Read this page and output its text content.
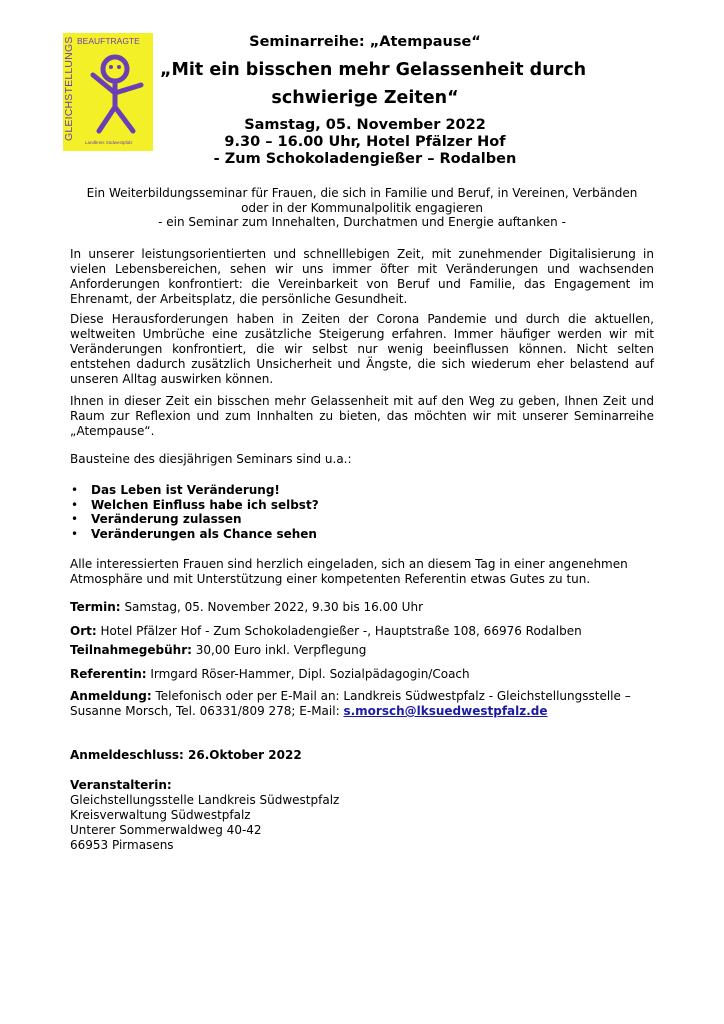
GLEICHSTELLUNGS BEAUFTRAGTE
Landkreis Südwestpfalz
Seminarreihe: „Atempause“
„Mit ein bisschen mehr Gelassenheit durch
schwierige Zeiten“
Samstag, 05. November 2022
9.30 – 16.00 Uhr, Hotel Pfälzer Hof
- Zum Schokoladengießer – Rodalben
Ein Weiterbildungsseminar für Frauen, die sich in Familie und Beruf, in Vereinen, Verbänden
oder in der Kommunalpolitik engagieren
- ein Seminar zum Innehalten, Durchatmen und Energie auftanken -

In unserer leistungsorientierten und schnelllebigen Zeit, mit zunehmender Digitalisierung in vielen Lebensbereichen, sehen wir uns immer öfter mit Veränderungen und wachsenden Anforderungen konfrontiert: die Vereinbarkeit von Beruf und Familie, das Engagement im Ehrenamt, der Arbeitsplatz, die persönliche Gesundheit.

Diese Herausforderungen haben in Zeiten der Corona Pandemie und durch die aktuellen, weltweiten Umbrüche eine zusätzliche Steigerung erfahren. Immer häufiger werden wir mit Veränderungen konfrontiert, die wir selbst nur wenig beeinflussen können. Nicht selten entstehen dadurch zusätzlich Unsicherheit und Ängste, die sich wiederum eher belastend auf unseren Alltag auswirken können.

Ihnen in dieser Zeit ein bisschen mehr Gelassenheit mit auf den Weg zu geben, Ihnen Zeit und Raum zur Reflexion und zum Innhalten zu bieten, das möchten wir mit unserer Seminarreihe „Atempause“.

Bausteine des diesjährigen Seminars sind u.a.:
• Das Leben ist Veränderung!
• Welchen Einfluss habe ich selbst?
• Veränderung zulassen
• Veränderungen als Chance sehen
Alle interessierten Frauen sind herzlich eingeladen, sich an diesem Tag in einer angenehmen
Atmosphäre und mit Unterstützung einer kompetenten Referentin etwas Gutes zu tun.
Termin: Samstag, 05. November 2022, 9.30 bis 16.00 Uhr
Ort: Hotel Pfälzer Hof - Zum Schokoladengießer -, Hauptstraße 108, 66976 Rodalben
Teilnahmegebühr: 30,00 Euro inkl. Verpflegung
Referentin: Irmgard Röser-Hammer, Dipl. Sozialpädagogin/Coach
Anmeldung: Telefonisch oder per E-Mail an: Landkreis Südwestpfalz - Gleichstellungsstelle –
Susanne Morsch, Tel. 06331/809 278; E-Mail: s.morsch@lksuedwestpfalz.de
Anmeldeschluss: 26.Oktober 2022
Veranstalterin:
Gleichstellungsstelle Landkreis Südwestpfalz
Kreisverwaltung Südwestpfalz
Unterer Sommerwaldweg 40-42
66953 Pirmasens
